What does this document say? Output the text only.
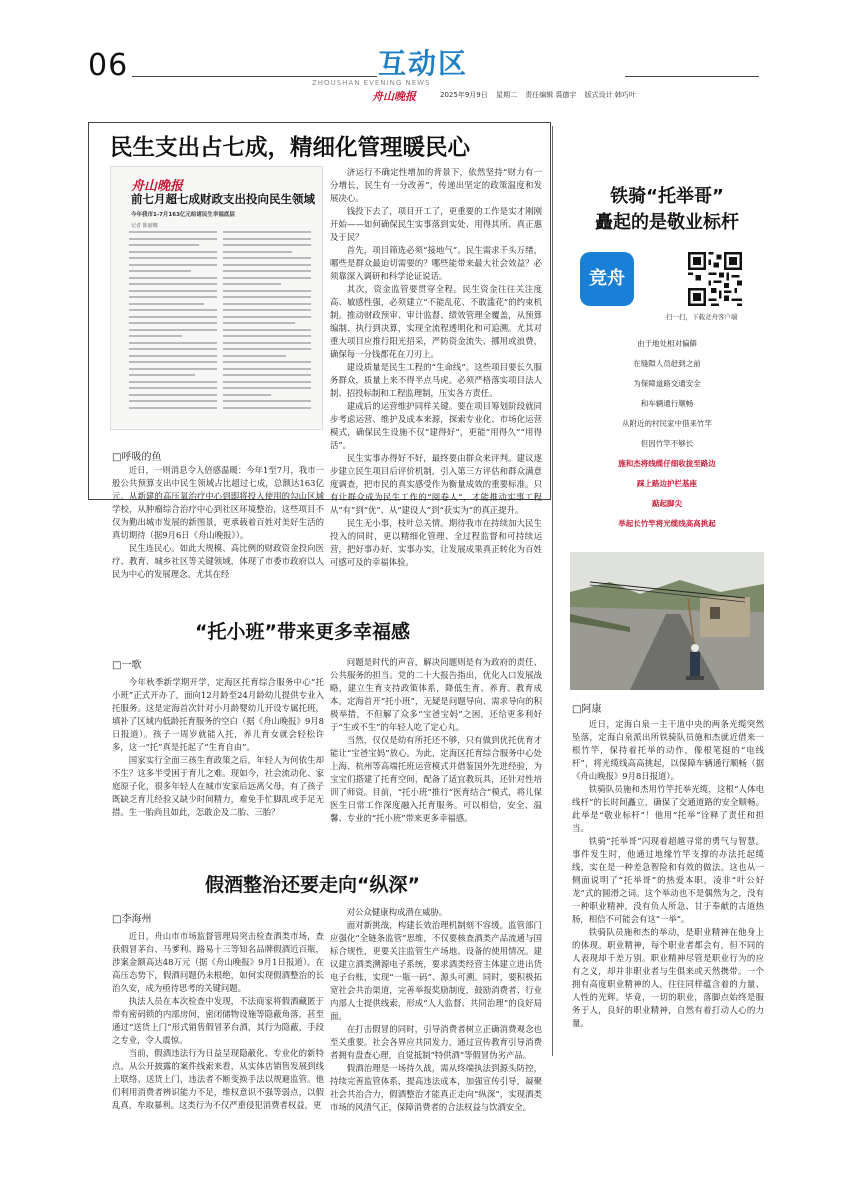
06	互动区
ZHOUSHAN EVENING NEWS
舟山晚报	2025年9月9日 星期二 责任编辑 裘德宇 版式设计 韩巧叶
民生支出占七成，精细化管理暖民心
舟山晚报
前七月超七成财政支出投向民生领域
今年我市1-7月163亿元给诸民生幸福底层
记者 陈丽娜
□呼吸的鱼

近日，一则消息令人倍感温暖：今年1至7月，我市一般公共预算支出中民生领域占比超过七成，总额达163亿元。从新建的高压氧治疗中心到即将投入使用的勾山区域学校，从肿瘤综合治疗中心到社区环境整治，这些项目不仅为勤出城市发展的新图景，更承载着百姓对美好生活的真切期待（据9月6日《舟山晚报》）。

民生连民心。如此大规模、高比例的财政资金投向医疗、教育、城乡社区等关键领域，体现了市委市政府以人民为中心的发展理念。尤其在经

济运行不确定性增加的背景下，依然坚持“财力有一分增长，民生有一分改善”，传递出坚定的政策温度和发展决心。

钱投下去了，项目开工了，更重要的工作是实才刚刚开始——如何确保民生实事落到实处、用得其所、真正惠及于民？

首先，项目筛选必须“接地气”。民生需求千头万绪，哪些是群众最迫切需要的？哪些能带来最大社会效益？必须靠深入调研和科学论证说话。

其次，资金监管要贯穿全程。民生资金往往关注度高、敏感性强，必须建立“不能乱花、不敢滥花”的约束机制。推动财政预审、审计监督、绩效管理全覆盖，从预算编制、执行到决算，实现全流程透明化和可追溯。尤其对重大项目应推行阳光招采，严防资金流失、挪用或浪费，确保每一分钱都花在刀刃上。

建设质量是民生工程的“生命线”。这些项目要长久服务群众，质量上来不得半点马虎。必须严格落实项目法人制、招投标制和工程监理制，压实各方责任。

建成后的运营维护同样关键。要在项目筹划阶段就同步考虑运营、维护及成本来源，探索专业化、市场化运营模式，确保民生设施不仅“建得好”，更能“用得久”“用得活”。

民生实事办得好不好，最终要由群众来评判。建议逐步建立民生项目后评价机制，引入第三方评估和群众满意度调查，把市民的真实感受作为衡量成效的重要标准。只有让群众成为民生工作的“阅卷人”，才能推动实事工程从“有”到“优”、从“建设人”到“获实为”的真正提升。

民生无小事，枝叶总关情。期待我市在持续加大民生投入的同时，更以精细化管理、全过程监督和可持续运营，把好事办好、实事办实，让发展成果真正转化为百姓可感可及的幸福体验。

“托小班”带来更多幸福感
□一歌

今年秋季新学期开学，定海区托育综合服务中心“托小班”正式开办了，面向12月龄至24月龄幼儿提供专业入托服务。这是定海首次针对小月龄婴幼儿开设专属托班，填补了区域内低龄托育服务的空白（据《舟山晚报》9月8日报道）。孩子一周岁就能入托，养儿育女就会轻松许多，这一“托”真是托起了“生育自由”。

国家实行全面三孩生育政策之后，年轻人为何依生却不生？这多半受困于育儿之难。现如今，社会流动化、家庭原子化，很多年轻人在城市安家后远离父母，有了孩子既缺乏育儿经验又缺少时间精力，难免手忙脚乱或手足无措。生一胎尚且如此，怎敢企及二胎、三胎？

问题是时代的声音，解决问题则是有为政府的责任、公共服务的担当。党的二十大报告指出，优化人口发展战略，建立生育支持政策体系，降低生育、养育、教育成本。定海首开“托小班”，无疑是问题导向、需求导向的积极举措，不但解了众多“宝爸宝妈”之困，还给更多利好于“生或不生”的年轻人吃了定心丸。

当然，仅仅是幼有所托还不够，只有做到优托优育才能让“宝爸宝妈”放心。为此，定海区托育综合服务中心处上海、杭州等高端托班运营模式并借鉴国外先进经验，为宝宝们搭建了托育空间，配备了适宜教玩具，还针对性培训了师资。目前，“托小班”推行“医育结合”模式，将儿保医生日常工作深度融入托育服务。可以相信，安全、温馨、专业的“托小班”带来更多幸福感。

假酒整治还要走向“纵深”
□李海州

近日，舟山市市场监督管理局突击检查酒类市场，查获假冒茅台、马爹利、路易十三等知名品牌假酒近百瓶，涉案金额高达48万元（据《舟山晚报》9月1日报道）。在高压态势下，假酒问题仍未根绝，如何实现假酒整治的长治久安，成为亟待思考的关键问题。

执法人员在本次检查中发现，不法商家将假酒藏匿于带有密码锁的内部房间，密闭储物设施等隐蔽角落，甚至通过“送货上门”形式销售假冒茅台酒，其行为隐蔽，手段之专业，令人震惊。

当前，假酒违法行为日益呈现隐蔽化、专业化的新特点。从公开披露的案件线索来看，从实体店销售发展到线上联络、送货上门，违法者不断变换手法以规避监管。他们利用消费者辨识能力不足，维权意识不强等弱点，以假乱真，牟取暴利。这类行为不仅严重侵犯消费者权益，更

对公众健康构成潜在威胁。

面对新挑战，构建长效治理机制刻不容缓。监管部门应强化“全链条监管”思维，不仅要核查酒类产品流通与国标合规性，更要关注监管生产场地、设备的使用情况。建议建立酒类溯源电子系统，要求酒类经营主体建立进出货电子台账，实现“一瓶一码”、源头可溯。同时，要积极拓宽社会共治渠道，完善举报奖励制度，鼓励消费者、行业内部人士提供线索，形成“人人监督、共同治理”的良好局面。

在打击假冒的同时，引导消费者树立正确消费观念也至关重要。社会各界应共同发力，通过宣传教育引导消费者拥有盘查心理，自觉抵制“特供酒”等假冒伪劣产品。

假酒治理是一场持久战，需从终端执法到源头防控，持续完善监管体系，提高违法成本，加强宣传引导，凝聚社会共治合力，假酒整治才能真正走向“纵深”，实现酒类市场的风清气正，保障消费者的合法权益与饮酒安全。

铁骑“托举哥”
矗起的是敬业标杆
竞舟
扫一扫，下载竞舟客户端
由于地处相对偏僻
在缝隙人员赶到之前
为保障道路交通安全
和车辆通行顺畅
从附近的村民家中借来竹竿
但因竹竿不够长
施和杰将线缆仔细收拢至路边
踩上路边护栏基座
踮起脚尖
举起长竹竿将光缆线高高挑起
□阿康

近日，定海白泉一主干道中央的两条光缆突然坠落，定海白泉派出所铁骑队员施和杰就近借来一根竹竿，保持着托举的动作，像根笔挺的“电线杆”，将光缆线高高挑起，以保障车辆通行顺畅（据《舟山晚报》9月8日报道）。

铁骑队员施和杰用竹竿托举光缆，这根“人体电线杆”的长时间矗立，确保了交通道路的安全顺畅。此举是“敬业标杆”！他用“托举”诠释了责任和担当。

铁骑“托举哥”闪现着超越寻常的勇气与智慧。事件发生时，他通过地缘竹竿支撑的办法托起缆线，实在是一种差急智险和有效的做法。这也从一侧面说明了“托举哥”的热爱本职，凌非“叶公好龙”式的圆滑之词。这个举动也不是偶然为之，没有一种职业精神，没有负人所急、甘于奉献的古道热肠，相信不可能会有这“一举”。

铁骑队员施和杰的举动，是职业精神在他身上的体现。职业精神，每个职业者都会有，但不同的人表现却千差万别。职业精神尽管是职业行为的应有之义，却并非职业者与生俱来或天然携带。一个拥有高度职业精神的人，往往同样蕴含着的力量、人性的光辉。毕竟，一切的职业，落脚点始终是服务于人，良好的职业精神，自然有着打动人心的力量。
